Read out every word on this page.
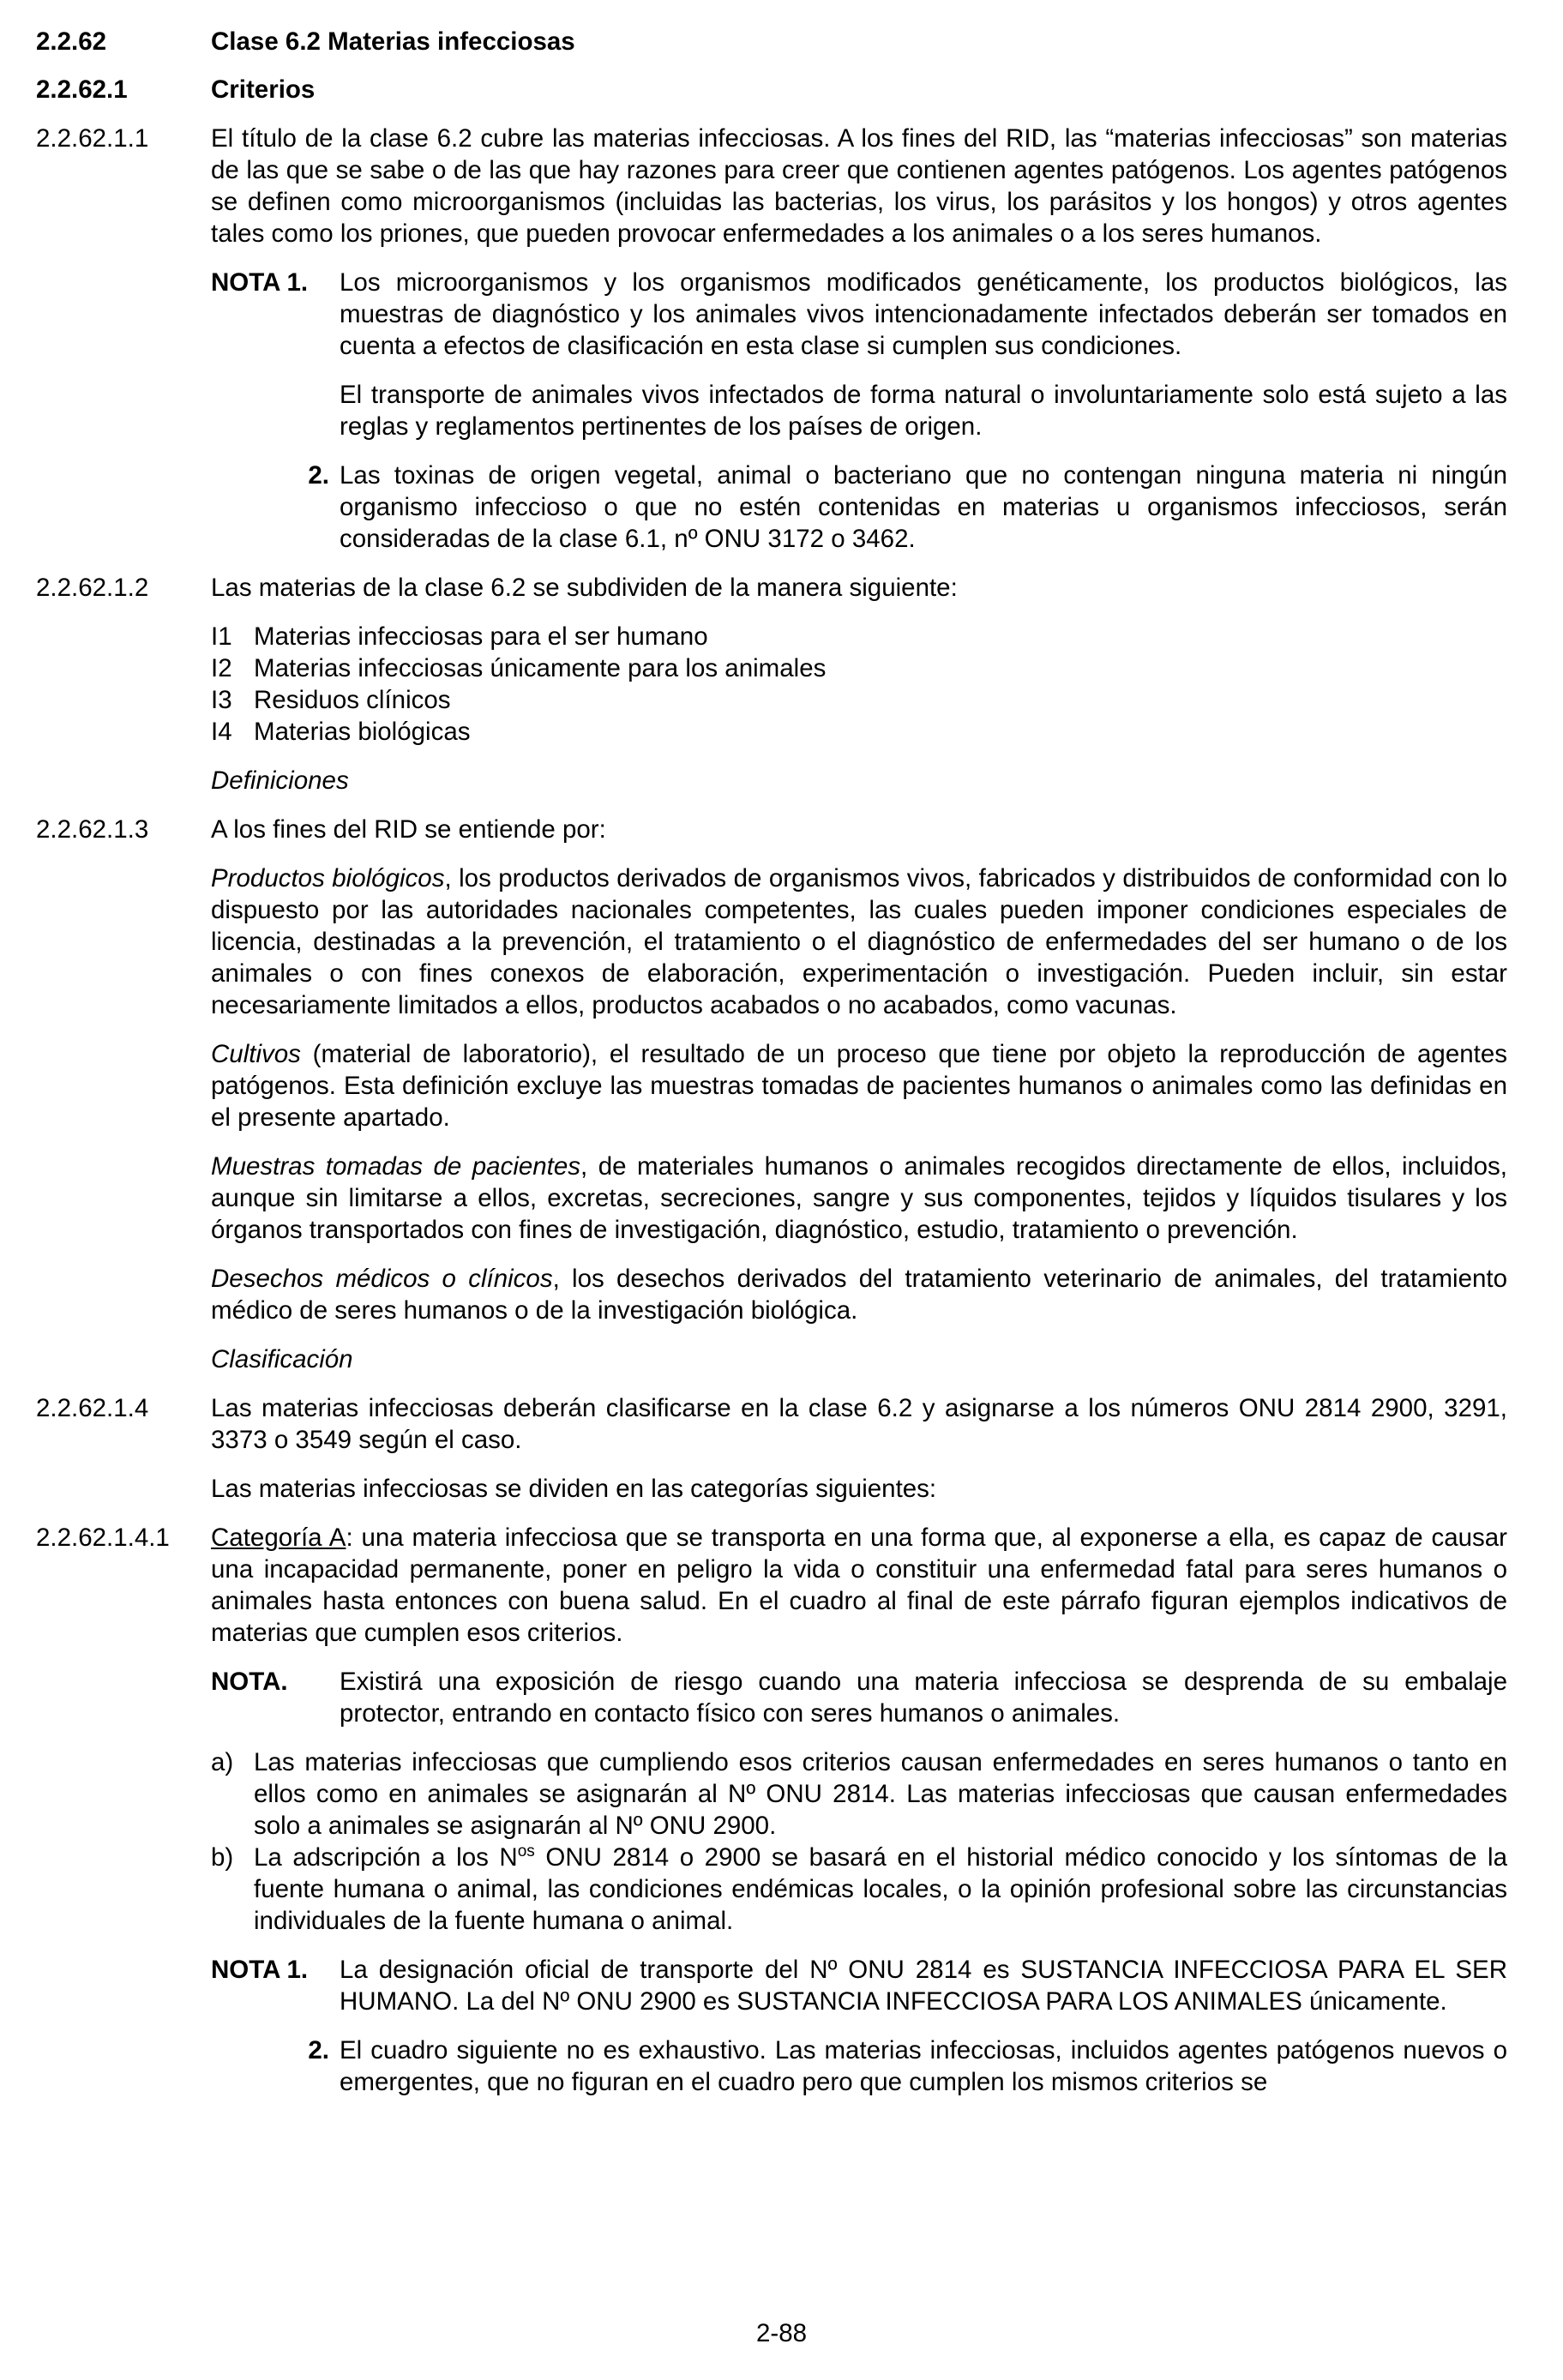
2.2.62	Clase 6.2 Materias infecciosas
2.2.62.1	Criterios
2.2.62.1.1	El título de la clase 6.2 cubre las materias infecciosas. A los fines del RID, las “materias infecciosas” son materias de las que se sabe o de las que hay razones para creer que contienen agentes patógenos. Los agentes patógenos se definen como microorganismos (incluidas las bacterias, los virus, los parásitos y los hongos) y otros agentes tales como los priones, que pueden provocar enfermedades a los animales o a los seres humanos.
NOTA 1.	Los microorganismos y los organismos modificados genéticamente, los productos biológicos, las muestras de diagnóstico y los animales vivos intencionadamente infectados deberán ser tomados en cuenta a efectos de clasificación en esta clase si cumplen sus condiciones.
El transporte de animales vivos infectados de forma natural o involuntariamente solo está sujeto a las reglas y reglamentos pertinentes de los países de origen.
2. Las toxinas de origen vegetal, animal o bacteriano que no contengan ninguna materia ni ningún organismo infeccioso o que no estén contenidas en materias u organismos infecciosos, serán consideradas de la clase 6.1, nº ONU 3172 o 3462.
2.2.62.1.2	Las materias de la clase 6.2 se subdividen de la manera siguiente:
I1 Materias infecciosas para el ser humano
I2 Materias infecciosas únicamente para los animales
I3 Residuos clínicos
I4 Materias biológicas
Definiciones
2.2.62.1.3	A los fines del RID se entiende por:
Productos biológicos, los productos derivados de organismos vivos, fabricados y distribuidos de conformidad con lo dispuesto por las autoridades nacionales competentes, las cuales pueden imponer condiciones especiales de licencia, destinadas a la prevención, el tratamiento o el diagnóstico de enfermedades del ser humano o de los animales o con fines conexos de elaboración, experimentación o investigación. Pueden incluir, sin estar necesariamente limitados a ellos, productos acabados o no acabados, como vacunas.
Cultivos (material de laboratorio), el resultado de un proceso que tiene por objeto la reproducción de agentes patógenos. Esta definición excluye las muestras tomadas de pacientes humanos o animales como las definidas en el presente apartado.
Muestras tomadas de pacientes, de materiales humanos o animales recogidos directamente de ellos, incluidos, aunque sin limitarse a ellos, excretas, secreciones, sangre y sus componentes, tejidos y líquidos tisulares y los órganos transportados con fines de investigación, diagnóstico, estudio, tratamiento o prevención.
Desechos médicos o clínicos, los desechos derivados del tratamiento veterinario de animales, del tratamiento médico de seres humanos o de la investigación biológica.
Clasificación
2.2.62.1.4	Las materias infecciosas deberán clasificarse en la clase 6.2 y asignarse a los números ONU 2814 2900, 3291, 3373 o 3549 según el caso.
Las materias infecciosas se dividen en las categorías siguientes:
2.2.62.1.4.1	Categoría A: una materia infecciosa que se transporta en una forma que, al exponerse a ella, es capaz de causar una incapacidad permanente, poner en peligro la vida o constituir una enfermedad fatal para seres humanos o animales hasta entonces con buena salud. En el cuadro al final de este párrafo figuran ejemplos indicativos de materias que cumplen esos criterios.
NOTA.	Existirá una exposición de riesgo cuando una materia infecciosa se desprenda de su embalaje protector, entrando en contacto físico con seres humanos o animales.
a) Las materias infecciosas que cumpliendo esos criterios causan enfermedades en seres humanos o tanto en ellos como en animales se asignarán al Nº ONU 2814. Las materias infecciosas que causan enfermedades solo a animales se asignarán al Nº ONU 2900.
b) La adscripción a los $N^{os}$ ONU 2814 o 2900 se basará en el historial médico conocido y los síntomas de la fuente humana o animal, las condiciones endémicas locales, o la opinión profesional sobre las circunstancias individuales de la fuente humana o animal.
NOTA 1.	La designación oficial de transporte del Nº ONU 2814 es SUSTANCIA INFECCIOSA PARA EL SER HUMANO. La del Nº ONU 2900 es SUSTANCIA INFECCIOSA PARA LOS ANIMALES únicamente.
2. El cuadro siguiente no es exhaustivo. Las materias infecciosas, incluidos agentes patógenos nuevos o emergentes, que no figuran en el cuadro pero que cumplen los mismos criterios se
2-88
